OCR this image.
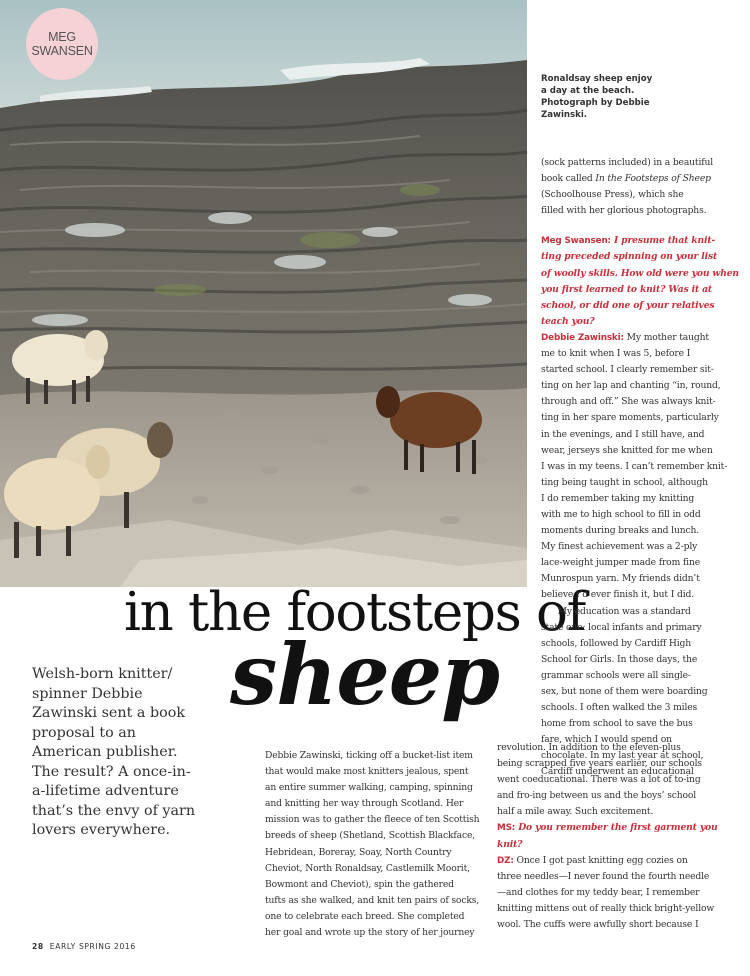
MEG
SWANSEN
Ronaldsay sheep enjoy
a day at the beach.
Photograph by Debbie
Zawinski.
in the footsteps of
sheep
Welsh-born knitter/
spinner Debbie
Zawinski sent a book
proposal to an
American publisher.
The result? A once-in-
a-lifetime adventure
that’s the envy of yarn
lovers everywhere.
Debbie Zawinski, ticking off a bucket-list item
that would make most knitters jealous, spent
an entire summer walking, camping, spinning
and knitting her way through Scotland. Her
mission was to gather the fleece of ten Scottish
breeds of sheep (Shetland, Scottish Blackface,
Hebridean, Boreray, Soay, North Country
Cheviot, North Ronaldsay, Castlemilk Moorit,
Bowmont and Cheviot), spin the gathered
tufts as she walked, and knit ten pairs of socks,
one to celebrate each breed. She completed
her goal and wrote up the story of her journey
(sock patterns included) in a beautiful
book called In the Footsteps of Sheep
(Schoolhouse Press), which she
filled with her glorious photographs.
Meg Swansen: I presume that knit-
ting preceded spinning on your list
of woolly skills. How old were you when
you first learned to knit? Was it at
school, or did one of your relatives
teach you?
Debbie Zawinski: My mother taught
me to knit when I was 5, before I
started school. I clearly remember sit-
ting on her lap and chanting “in, round,
through and off.” She was always knit-
ting in her spare moments, particularly
in the evenings, and I still have, and
wear, jerseys she knitted for me when
I was in my teens. I can’t remember knit-
ting being taught in school, although
I do remember taking my knitting
with me to high school to fill in odd
moments during breaks and lunch.
My finest achievement was a 2-ply
lace-weight jumper made from fine
Munrospun yarn. My friends didn’t
believe I’d ever finish it, but I did.
My education was a standard
state one: local infants and primary
schools, followed by Cardiff High
School for Girls. In those days, the
grammar schools were all single-
sex, but none of them were boarding
schools. I often walked the 3 miles
home from school to save the bus
fare, which I would spend on
chocolate. In my last year at school,
Cardiff underwent an educational
revolution. In addition to the eleven-plus
being scrapped five years earlier, our schools
went coeducational. There was a lot of to-ing
and fro-ing between us and the boys’ school
half a mile away. Such excitement.
MS: Do you remember the first garment you
knit?
DZ: Once I got past knitting egg cozies on
three needles—I never found the fourth needle
—and clothes for my teddy bear, I remember
knitting mittens out of really thick bright-yellow
wool. The cuffs were awfully short because I
28 EARLY SPRING 2016
